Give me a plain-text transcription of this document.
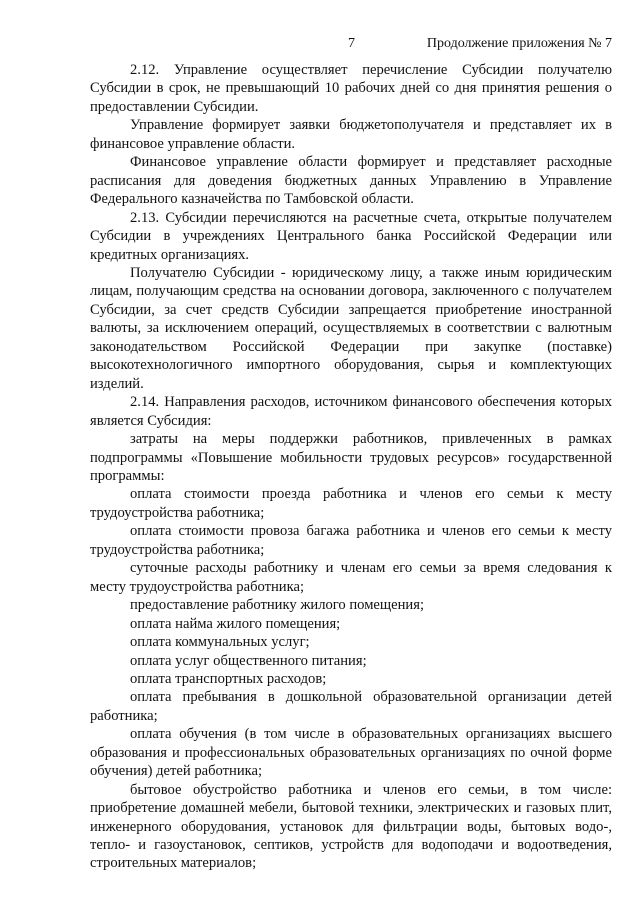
7	Продолжение приложения № 7

2.12. Управление осуществляет перечисление Субсидии получателю Субсидии в срок, не превышающий 10 рабочих дней со дня принятия решения о предоставлении Субсидии.

Управление формирует заявки бюджетополучателя и представляет их в финансовое управление области.

Финансовое управление области формирует и представляет расходные расписания для доведения бюджетных данных Управлению в Управление Федерального казначейства по Тамбовской области.

2.13. Субсидии перечисляются на расчетные счета, открытые получателем Субсидии в учреждениях Центрального банка Российской Федерации или кредитных организациях.

Получателю Субсидии - юридическому лицу, а также иным юридическим лицам, получающим средства на основании договора, заключенного с получателем Субсидии, за счет средств Субсидии запрещается приобретение иностранной валюты, за исключением операций, осуществляемых в соответствии с валютным законодательством Российской Федерации при закупке (поставке) высокотехнологичного импортного оборудования, сырья и комплектующих изделий.

2.14. Направления расходов, источником финансового обеспечения которых является Субсидия:

затраты на меры поддержки работников, привлеченных в рамках подпрограммы «Повышение мобильности трудовых ресурсов» государственной программы:

оплата стоимости проезда работника и членов его семьи к месту трудоустройства работника;

оплата стоимости провоза багажа работника и членов его семьи к месту трудоустройства работника;

суточные расходы работнику и членам его семьи за время следования к месту трудоустройства работника;

предоставление работнику жилого помещения;

оплата найма жилого помещения;

оплата коммунальных услуг;

оплата услуг общественного питания;

оплата транспортных расходов;

оплата пребывания в дошкольной образовательной организации детей работника;

оплата обучения (в том числе в образовательных организациях высшего образования и профессиональных образовательных организациях по очной форме обучения) детей работника;

бытовое обустройство работника и членов его семьи, в том числе: приобретение домашней мебели, бытовой техники, электрических и газовых плит, инженерного оборудования, установок для фильтрации воды, бытовых водо-, тепло- и газоустановок, септиков, устройств для водоподачи и водоотведения, строительных материалов;
